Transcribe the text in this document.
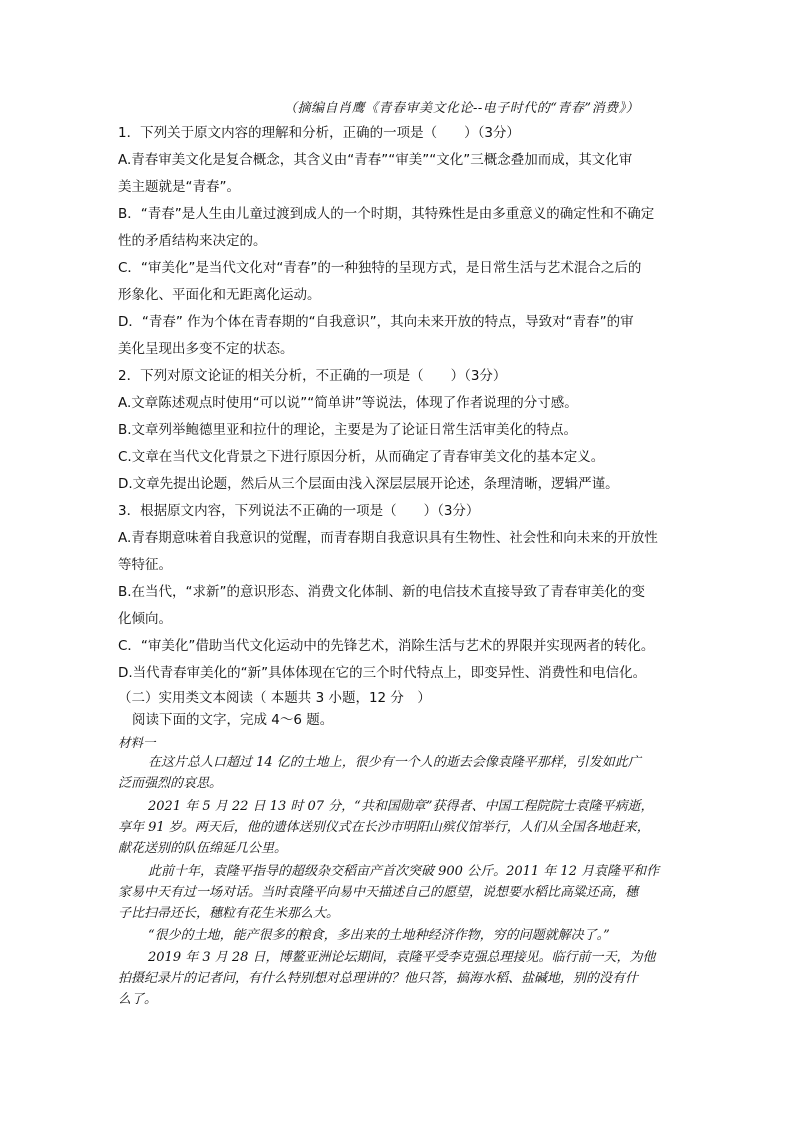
（摘编自肖鹰《青春审美文化论--电子时代的“青春”消费》）
1．下列关于原文内容的理解和分析，正确的一项是（　　）（3分）
A.青春审美文化是复合概念，其含义由“青春”“审美”“文化”三概念叠加而成，其文化审
美主题就是“青春”。
B．“青春”是人生由儿童过渡到成人的一个时期，其特殊性是由多重意义的确定性和不确定
性的矛盾结构来决定的。
C．“审美化”是当代文化对“青春”的一种独特的呈现方式，是日常生活与艺术混合之后的
形象化、平面化和无距离化运动。
D．“青春” 作为个体在青春期的“自我意识”，其向未来开放的特点，导致对“青春”的审
美化呈现出多变不定的状态。
2．下列对原文论证的相关分析，不正确的一项是（　　）（3分）
A.文章陈述观点时使用“可以说”“简单讲”等说法，体现了作者说理的分寸感。
B.文章列举鲍德里亚和拉什的理论，主要是为了论证日常生活审美化的特点。
C.文章在当代文化背景之下进行原因分析，从而确定了青春审美文化的基本定义。
D.文章先提出论题，然后从三个层面由浅入深层层展开论述，条理清晰，逻辑严谨。
3．根据原文内容，下列说法不正确的一项是（　　）（3分）
A.青春期意味着自我意识的觉醒，而青春期自我意识具有生物性、社会性和向未来的开放性
等特征。
B.在当代，“求新”的意识形态、消费文化体制、新的电信技术直接导致了青春审美化的变
化倾向。
C．“审美化”借助当代文化运动中的先锋艺术，消除生活与艺术的界限并实现两者的转化。
D.当代青春审美化的“新”具体体现在它的三个时代特点上，即变异性、消费性和电信化。
（二）实用类文本阅读（ 本题共 3 小题，12 分　）
阅读下面的文字，完成 4～6 题。
材料一
在这片总人口超过 14 亿的土地上，很少有一个人的逝去会像袁隆平那样，引发如此广
泛而强烈的哀思。
2021 年 5 月 22 日 13 时 07 分，“共和国勋章”获得者、中国工程院院士袁隆平病逝，
享年 91 岁。两天后，他的遗体送别仪式在长沙市明阳山殡仪馆举行，人们从全国各地赶来，
献花送别的队伍绵延几公里。
此前十年，袁隆平指导的超级杂交稻亩产首次突破 900 公斤。2011 年 12 月袁隆平和作
家易中天有过一场对话。当时袁隆平向易中天描述自己的愿望，说想要水稻比高粱还高，穗
子比扫帚还长，穗粒有花生米那么大。
“很少的土地，能产很多的粮食，多出来的土地种经济作物，穷的问题就解决了。”
2019 年 3 月 28 日，博鳌亚洲论坛期间，袁隆平受李克强总理接见。临行前一天，为他
拍摄纪录片的记者问，有什么特别想对总理讲的？他只答，搞海水稻、盐碱地，别的没有什
么了。
